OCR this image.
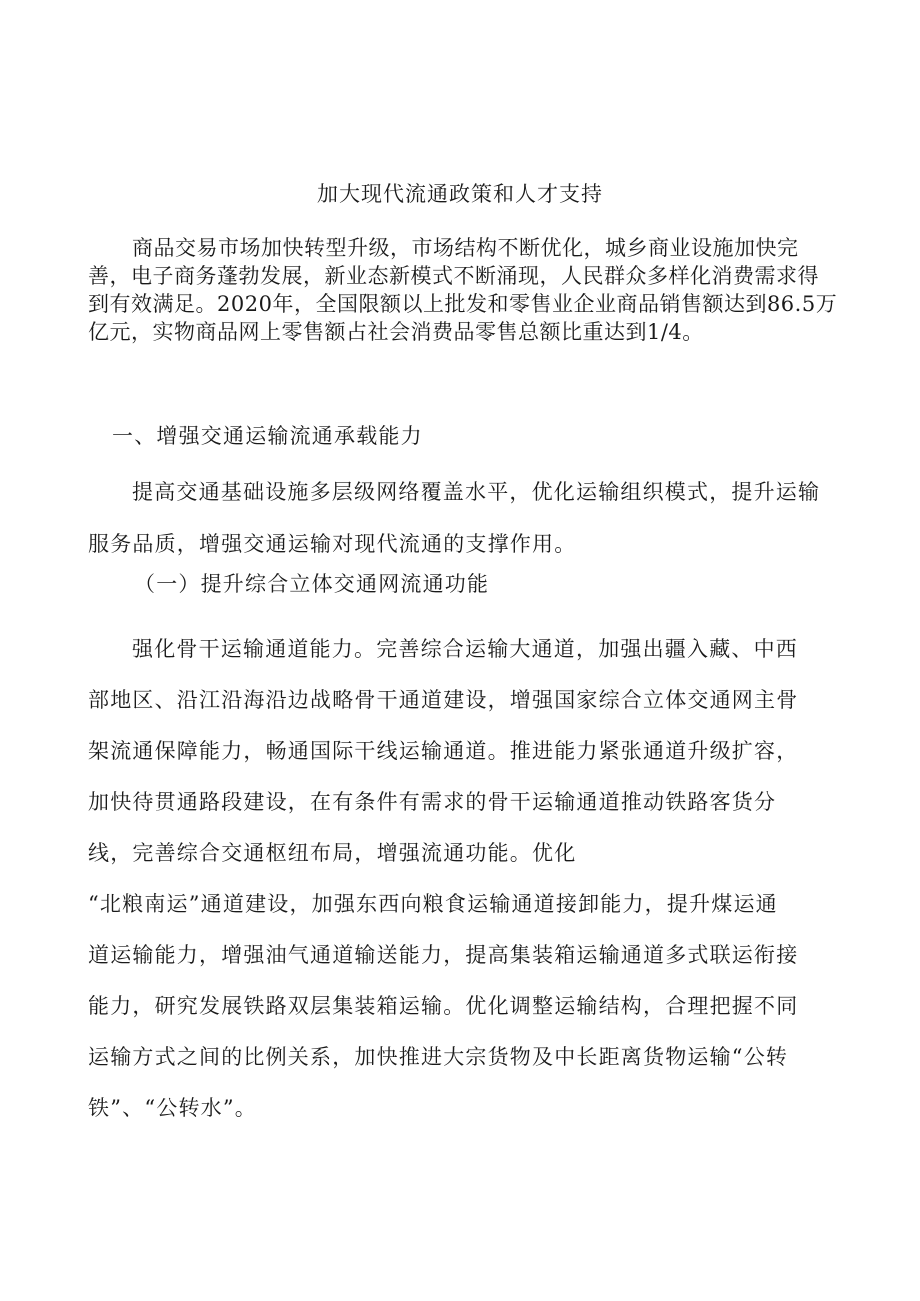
加大现代流通政策和人才支持
商品交易市场加快转型升级，市场结构不断优化，城乡商业设施加快完善，电子商务蓬勃发展，新业态新模式不断涌现，人民群众多样化消费需求得到有效满足。2020年，全国限额以上批发和零售业企业商品销售额达到86.5万亿元，实物商品网上零售额占社会消费品零售总额比重达到1/4。
一、增强交通运输流通承载能力
提高交通基础设施多层级网络覆盖水平，优化运输组织模式，提升运输服务品质，增强交通运输对现代流通的支撑作用。
（一）提升综合立体交通网流通功能
强化骨干运输通道能力。完善综合运输大通道，加强出疆入藏、中西
部地区、沿江沿海沿边战略骨干通道建设，增强国家综合立体交通网主骨
架流通保障能力，畅通国际干线运输通道。推进能力紧张通道升级扩容，
加快待贯通路段建设，在有条件有需求的骨干运输通道推动铁路客货分
线，完善综合交通枢纽布局，增强流通功能。优化
“北粮南运”通道建设，加强东西向粮食运输通道接卸能力，提升煤运通
道运输能力，增强油气通道输送能力，提高集装箱运输通道多式联运衔接
能力，研究发展铁路双层集装箱运输。优化调整运输结构，合理把握不同
运输方式之间的比例关系，加快推进大宗货物及中长距离货物运输“公转
铁”、“公转水”。
